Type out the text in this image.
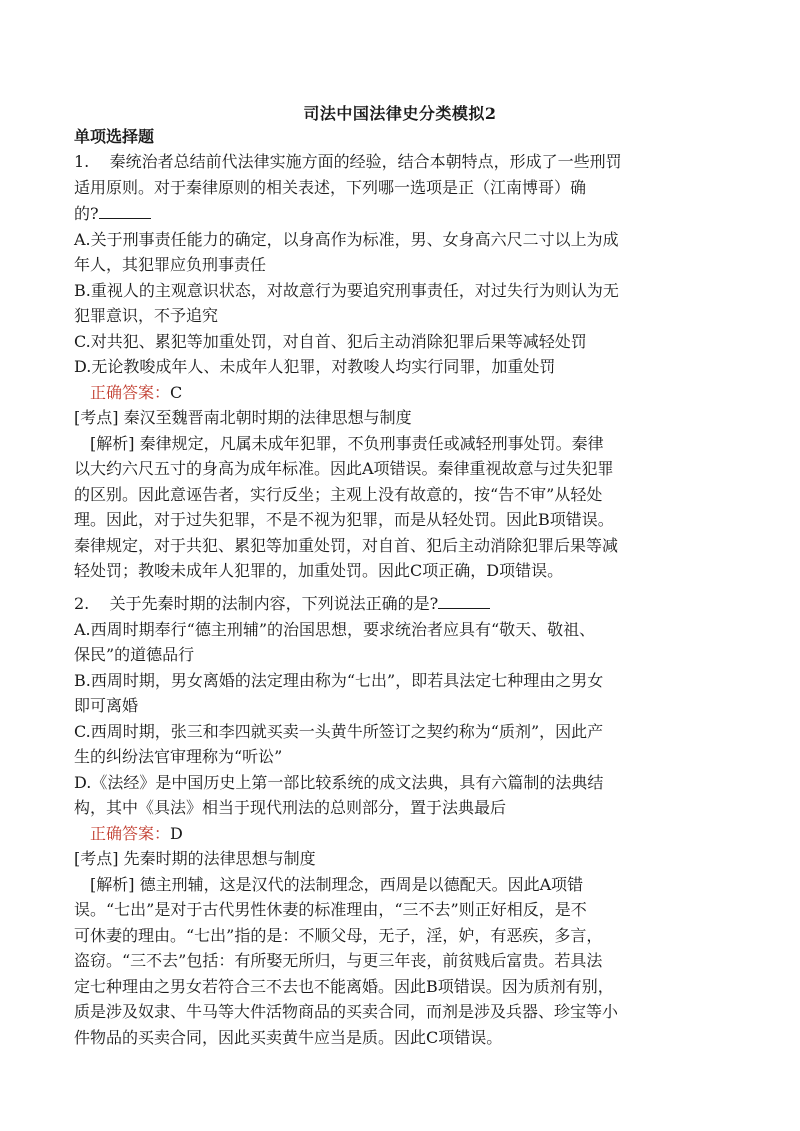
司法中国法律史分类模拟2
单项选择题
1. 秦统治者总结前代法律实施方面的经验，结合本朝特点，形成了一些刑罚
适用原则。对于秦律原则的相关表述，下列哪一选项是正（江南博哥）确
的?
A.关于刑事责任能力的确定，以身高作为标准，男、女身高六尺二寸以上为成
年人，其犯罪应负刑事责任
B.重视人的主观意识状态，对故意行为要追究刑事责任，对过失行为则认为无
犯罪意识，不予追究
C.对共犯、累犯等加重处罚，对自首、犯后主动消除犯罪后果等减轻处罚
D.无论教唆成年人、未成年人犯罪，对教唆人均实行同罪，加重处罚
正确答案：C
[考点] 秦汉至魏晋南北朝时期的法律思想与制度
[解析] 秦律规定，凡属未成年犯罪，不负刑事责任或减轻刑事处罚。秦律
以大约六尺五寸的身高为成年标准。因此A项错误。秦律重视故意与过失犯罪
的区别。因此意诬告者，实行反坐；主观上没有故意的，按“告不审”从轻处
理。因此，对于过失犯罪，不是不视为犯罪，而是从轻处罚。因此B项错误。
秦律规定，对于共犯、累犯等加重处罚，对自首、犯后主动消除犯罪后果等减
轻处罚；教唆未成年人犯罪的，加重处罚。因此C项正确，D项错误。
2. 关于先秦时期的法制内容，下列说法正确的是?
A.西周时期奉行“德主刑辅”的治国思想，要求统治者应具有“敬天、敬祖、
保民”的道德品行
B.西周时期，男女离婚的法定理由称为“七出”，即若具法定七种理由之男女
即可离婚
C.西周时期，张三和李四就买卖一头黄牛所签订之契约称为“质剂”，因此产
生的纠纷法官审理称为“听讼”
D.《法经》是中国历史上第一部比较系统的成文法典，具有六篇制的法典结
构，其中《具法》相当于现代刑法的总则部分，置于法典最后
正确答案：D
[考点] 先秦时期的法律思想与制度
[解析] 德主刑辅，这是汉代的法制理念，西周是以德配天。因此A项错
误。“七出”是对于古代男性休妻的标准理由，“三不去”则正好相反，是不
可休妻的理由。“七出”指的是：不顺父母，无子，淫，妒，有恶疾，多言，
盗窃。“三不去”包括：有所娶无所归，与更三年丧，前贫贱后富贵。若具法
定七种理由之男女若符合三不去也不能离婚。因此B项错误。因为质剂有别，
质是涉及奴隶、牛马等大件活物商品的买卖合同，而剂是涉及兵器、珍宝等小
件物品的买卖合同，因此买卖黄牛应当是质。因此C项错误。
